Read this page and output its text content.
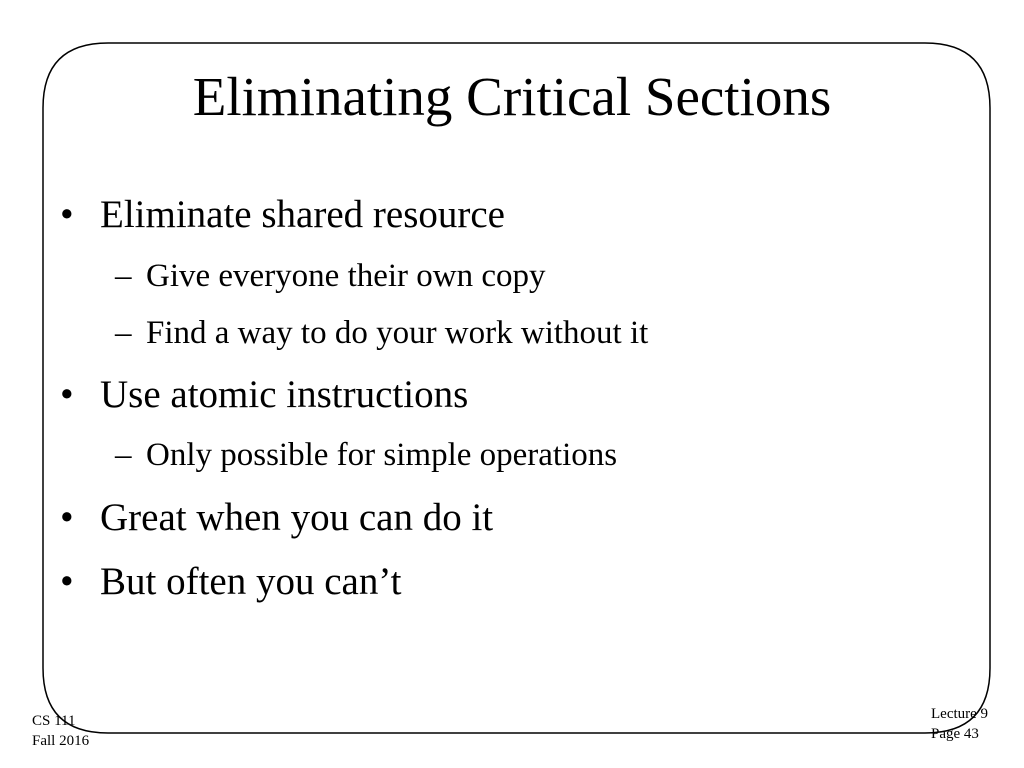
Eliminating Critical Sections
• Eliminate shared resource
– Give everyone their own copy
– Find a way to do your work without it
• Use atomic instructions
– Only possible for simple operations
• Great when you can do it
• But often you can’t
CS 111
Fall 2016
Lecture 9
Page 43
